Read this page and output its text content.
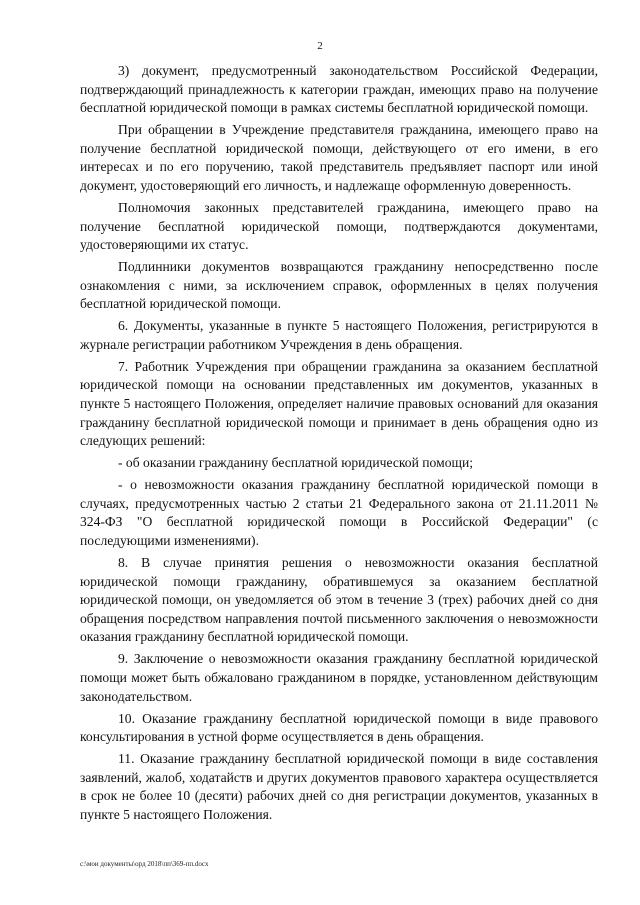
2

3) документ, предусмотренный законодательством Российской Федерации, подтверждающий принадлежность к категории граждан, имеющих право на получение бесплатной юридической помощи в рамках системы бесплатной юридической помощи.

При обращении в Учреждение представителя гражданина, имеющего право на получение бесплатной юридической помощи, действующего от его имени, в его интересах и по его поручению, такой представитель предъявляет паспорт или иной документ, удостоверяющий его личность, и надлежаще оформленную доверенность.

Полномочия законных представителей гражданина, имеющего право на получение бесплатной юридической помощи, подтверждаются документами, удостоверяющими их статус.

Подлинники документов возвращаются гражданину непосредственно после ознакомления с ними, за исключением справок, оформленных в целях получения бесплатной юридической помощи.

6. Документы, указанные в пункте 5 настоящего Положения, регистрируются в журнале регистрации работником Учреждения в день обращения.

7. Работник Учреждения при обращении гражданина за оказанием бесплатной юридической помощи на основании представленных им документов, указанных в пункте 5 настоящего Положения, определяет наличие правовых оснований для оказания гражданину бесплатной юридической помощи и принимает в день обращения одно из следующих решений:

- об оказании гражданину бесплатной юридической помощи;

- о невозможности оказания гражданину бесплатной юридической помощи в случаях, предусмотренных частью 2 статьи 21 Федерального закона от 21.11.2011 № 324-ФЗ "О бесплатной юридической помощи в Российской Федерации" (с последующими изменениями).

8. В случае принятия решения о невозможности оказания бесплатной юридической помощи гражданину, обратившемуся за оказанием бесплатной юридической помощи, он уведомляется об этом в течение 3 (трех) рабочих дней со дня обращения посредством направления почтой письменного заключения о невозможности оказания гражданину бесплатной юридической помощи.

9. Заключение о невозможности оказания гражданину бесплатной юридической помощи может быть обжаловано гражданином в порядке, установленном действующим законодательством.

10. Оказание гражданину бесплатной юридической помощи в виде правового консультирования в устной форме осуществляется в день обращения.

11. Оказание гражданину бесплатной юридической помощи в виде составления заявлений, жалоб, ходатайств и других документов правового характера осуществляется в срок не более 10 (десяти) рабочих дней со дня регистрации документов, указанных в пункте 5 настоящего Положения.

c:\мои документы\орд 2018\пп\369-пп.docx
